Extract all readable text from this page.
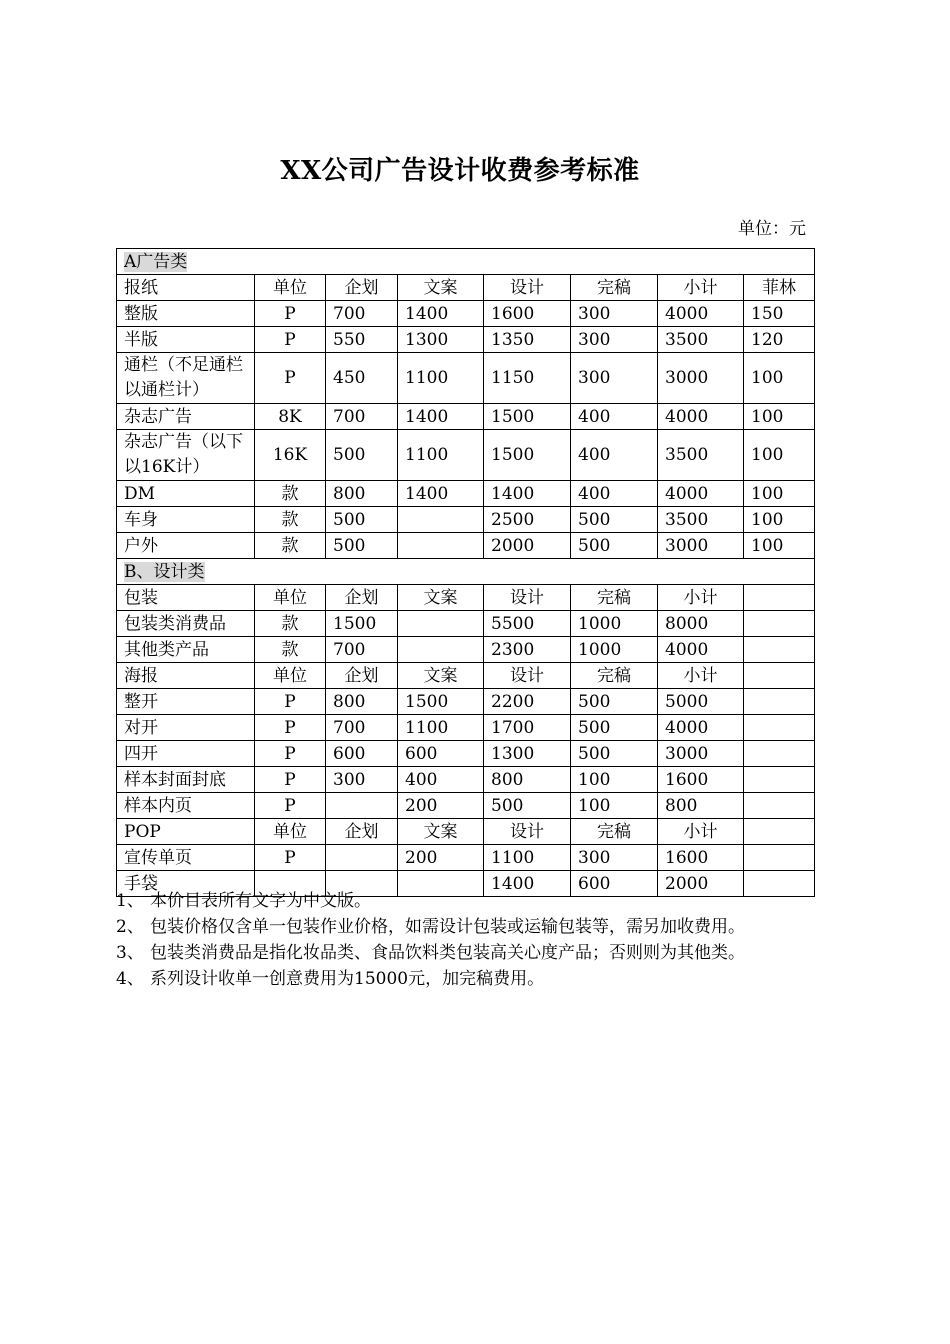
XX公司广告设计收费参考标准
单位：元
A广告类							
报纸	单位	企划	文案	设计	完稿	小计	菲林
整版	P	700	1400	1600	300	4000	150
半版	P	550	1300	1350	300	3500	120
通栏（不足通栏以通栏计）	P	450	1100	1150	300	3000	100
杂志广告	8K	700	1400	1500	400	4000	100
杂志广告（以下以16K计）	16K	500	1100	1500	400	3500	100
DM	款	800	1400	1400	400	4000	100
车身	款	500		2500	500	3500	100
户外	款	500		2000	500	3000	100
B、设计类							
包装	单位	企划	文案	设计	完稿	小计	
包装类消费品	款	1500		5500	1000	8000	
其他类产品	款	700		2300	1000	4000	
海报	单位	企划	文案	设计	完稿	小计	
整开	P	800	1500	2200	500	5000	
对开	P	700	1100	1700	500	4000	
四开	P	600	600	1300	500	3000	
样本封面封底	P	300	400	800	100	1600	
样本内页	P		200	500	100	800	
POP	单位	企划	文案	设计	完稿	小计	
宣传单页	P		200	1100	300	1600	
手袋				1400	600	2000	
1、 本价目表所有文字为中文版。
2、 包装价格仅含单一包装作业价格，如需设计包装或运输包装等，需另加收费用。
3、 包装类消费品是指化妆品类、食品饮料类包装高关心度产品；否则则为其他类。
4、 系列设计收单一创意费用为15000元，加完稿费用。
